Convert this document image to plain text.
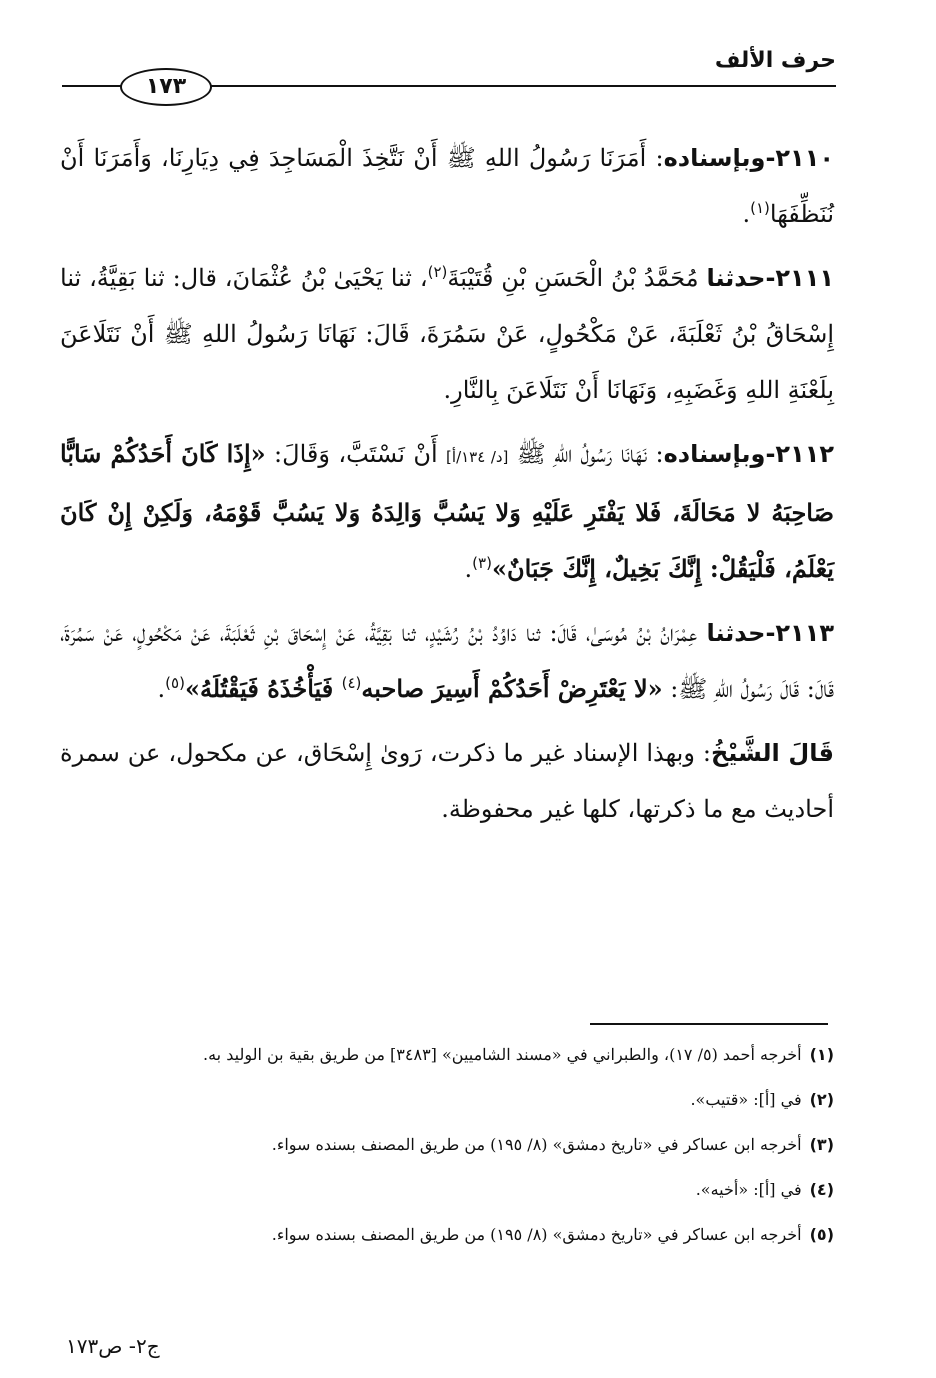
حرف الألف
١٧٣

٢١١٠-وبإسناده: أَمَرَنَا رَسُولُ اللهِ ﷺ أَنْ نَتَّخِذَ الْمَسَاجِدَ فِي دِيَارِنَا، وَأَمَرَنَا أَنْ نُنَظِّفَهَا$^{(١)}$.

٢١١١-حدثنا مُحَمَّدُ بْنُ الْحَسَنِ بْنِ قُتَيْبَةَ$^{(٢)}$، ثنا يَحْيَىٰ بْنُ عُثْمَانَ، قال: ثنا بَقِيَّةُ، ثنا إِسْحَاقُ بْنُ ثَعْلَبَةَ، عَنْ مَكْحُولٍ، عَنْ سَمُرَةَ، قَالَ: نَهَانَا رَسُولُ اللهِ ﷺ أَنْ نَتَلَاعَنَ بِلَعْنَةِ اللهِ وَغَضَبِهِ، وَنَهَانَا أَنْ نَتَلَاعَنَ بِالنَّارِ.

٢١١٢-وبإسناده: نَهَانَا رَسُولُ اللهِ ﷺ [د/ ١٣٤/أ] أَنْ نَسْتَبَّ، وَقَالَ: «إِذَا كَانَ أَحَدُكُمْ سَابًّا صَاحِبَهُ لا مَحَالَةَ، فَلا يَفْتَرِ عَلَيْهِ وَلا يَسُبَّ وَالِدَهُ وَلا يَسُبَّ قَوْمَهُ، وَلَكِنْ إِنْ كَانَ يَعْلَمُ، فَلْيَقُلْ: إِنَّكَ بَخِيلٌ، إِنَّكَ جَبَانٌ»$^{(٣)}$.

٢١١٣-حدثنا عِمْرَانُ بْنُ مُوسَىٰ، قَالَ: ثنا دَاوُدُ بْنُ رُشَيْدٍ، ثنا بَقِيَّةُ، عَنْ إِسْحَاقَ بْنِ ثَعْلَبَةَ، عَنْ مَكْحُولٍ، عَنْ سَمُرَةَ، قَالَ: قَالَ رَسُولُ اللهِ ﷺ: «لا يَعْتَرِضْ أَحَدُكُمْ أَسِيرَ صاحبه$^{(٤)}$ فَيَأْخُذَهُ فَيَقْتُلَهُ»$^{(٥)}$.

قَالَ الشَّيْخُ: وبهذا الإسناد غير ما ذكرت، رَوىٰ إِسْحَاق، عن مكحول، عن سمرة أحاديث مع ما ذكرتها، كلها غير محفوظة.

(١)أخرجه أحمد (٥/ ١٧)، والطبراني في «مسند الشاميين» [٣٤٨٣] من طريق بقية بن الوليد به.
(٢)في [أ]: «قتيب».
(٣)أخرجه ابن عساكر في «تاريخ دمشق» (٨/ ١٩٥) من طريق المصنف بسنده سواء.
(٤)في [أ]: «أخيه».
(٥)أخرجه ابن عساكر في «تاريخ دمشق» (٨/ ١٩٥) من طريق المصنف بسنده سواء.
ج٢- ص١٧٣
